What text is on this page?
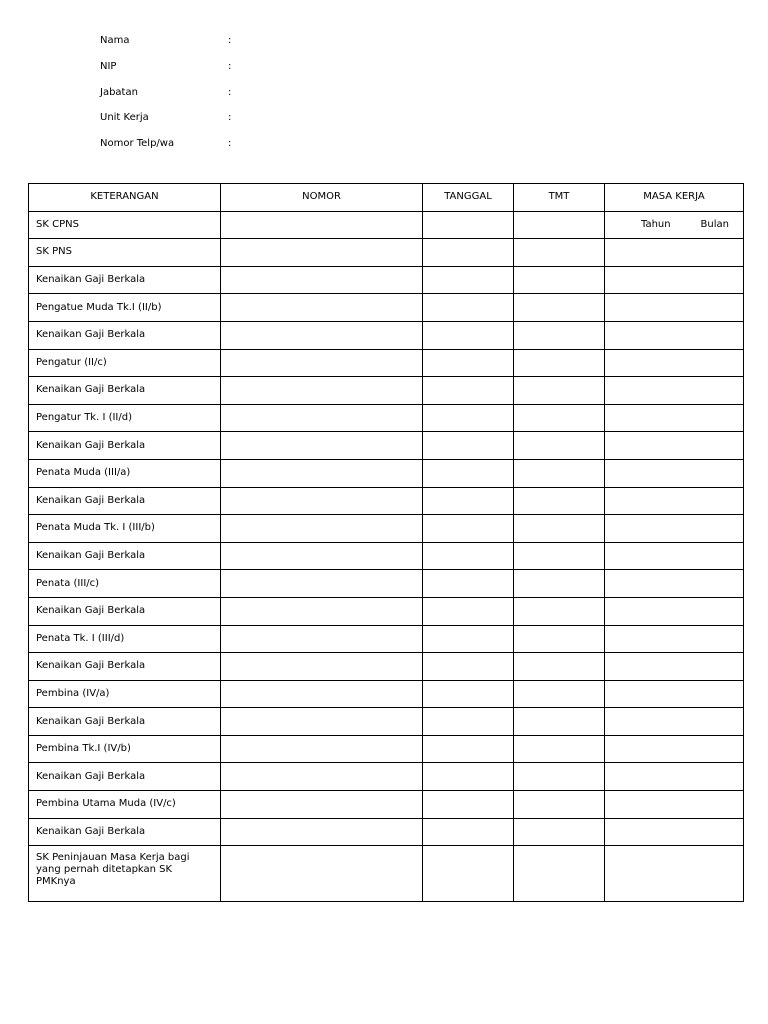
Nama	:
NIP	:
Jabatan	:
Unit Kerja	:
Nomor Telp/wa	:
KETERANGAN	NOMOR	TANGGAL	TMT	MASA KERJA
SK CPNS				Tahun Bulan

SK PNS				
Kenaikan Gaji Berkala				
Pengatue Muda Tk.I (II/b)				
Kenaikan Gaji Berkala				
Pengatur (II/c)				
Kenaikan Gaji Berkala				
Pengatur Tk. I (II/d)				
Kenaikan Gaji Berkala				
Penata Muda (III/a)				
Kenaikan Gaji Berkala				
Penata Muda Tk. I (III/b)				
Kenaikan Gaji Berkala				
Penata (III/c)				
Kenaikan Gaji Berkala				
Penata Tk. I (III/d)				
Kenaikan Gaji Berkala				
Pembina (IV/a)				
Kenaikan Gaji Berkala				
Pembina Tk.I (IV/b)				
Kenaikan Gaji Berkala				
Pembina Utama Muda (IV/c)				
Kenaikan Gaji Berkala				
SK Peninjauan Masa Kerja bagi yang pernah ditetapkan SK PMKnya				
